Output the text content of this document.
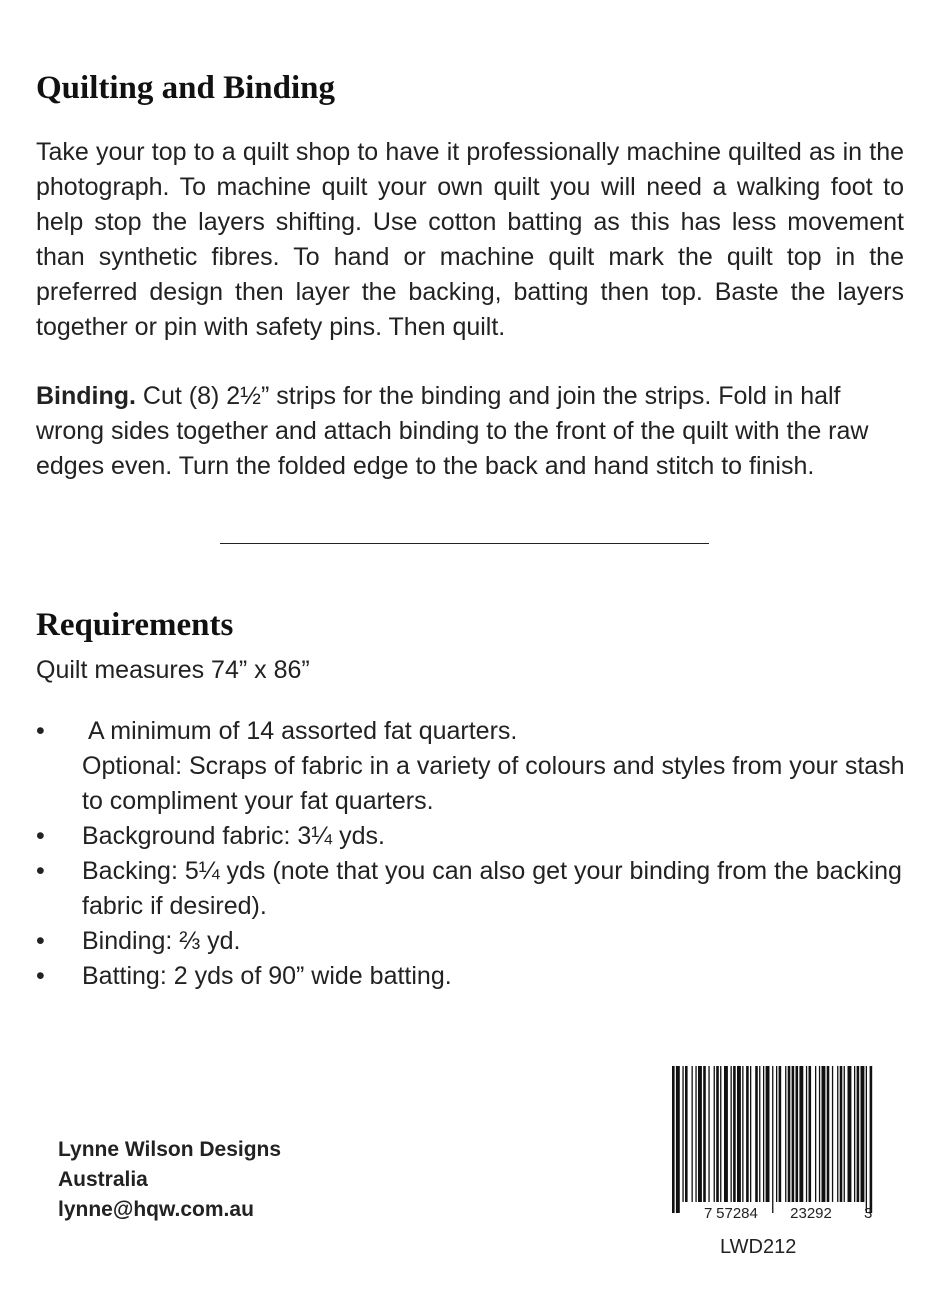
Quilting and Binding

Take your top to a quilt shop to have it professionally machine quilted as in the photograph. To machine quilt your own quilt you will need a walking foot to help stop the layers shifting. Use cotton batting as this has less movement than synthetic fibres. To hand or machine quilt mark the quilt top in the preferred design then layer the backing, batting then top. Baste the layers together or pin with safety pins. Then quilt.

Binding. Cut (8) 2½” strips for the binding and join the strips. Fold in half wrong sides together and attach binding to the front of the quilt with the raw edges even. Turn the folded edge to the back and hand stitch to finish.

Requirements

Quilt measures 74” x 86”

•	A minimum of 14 assorted fat quarters.
Optional: Scraps of fabric in a variety of colours and styles from your stash to compliment your fat quarters.
•	Background fabric: 3¼ yds.
•	Backing: 5¼ yds (note that you can also get your binding from the backing fabric if desired).
•	Binding: ⅔ yd.
•	Batting: 2 yds of 90” wide batting.
Lynne Wilson Designs
Australia
lynne@hqw.com.au	7 57284 23292 3
LWD212
